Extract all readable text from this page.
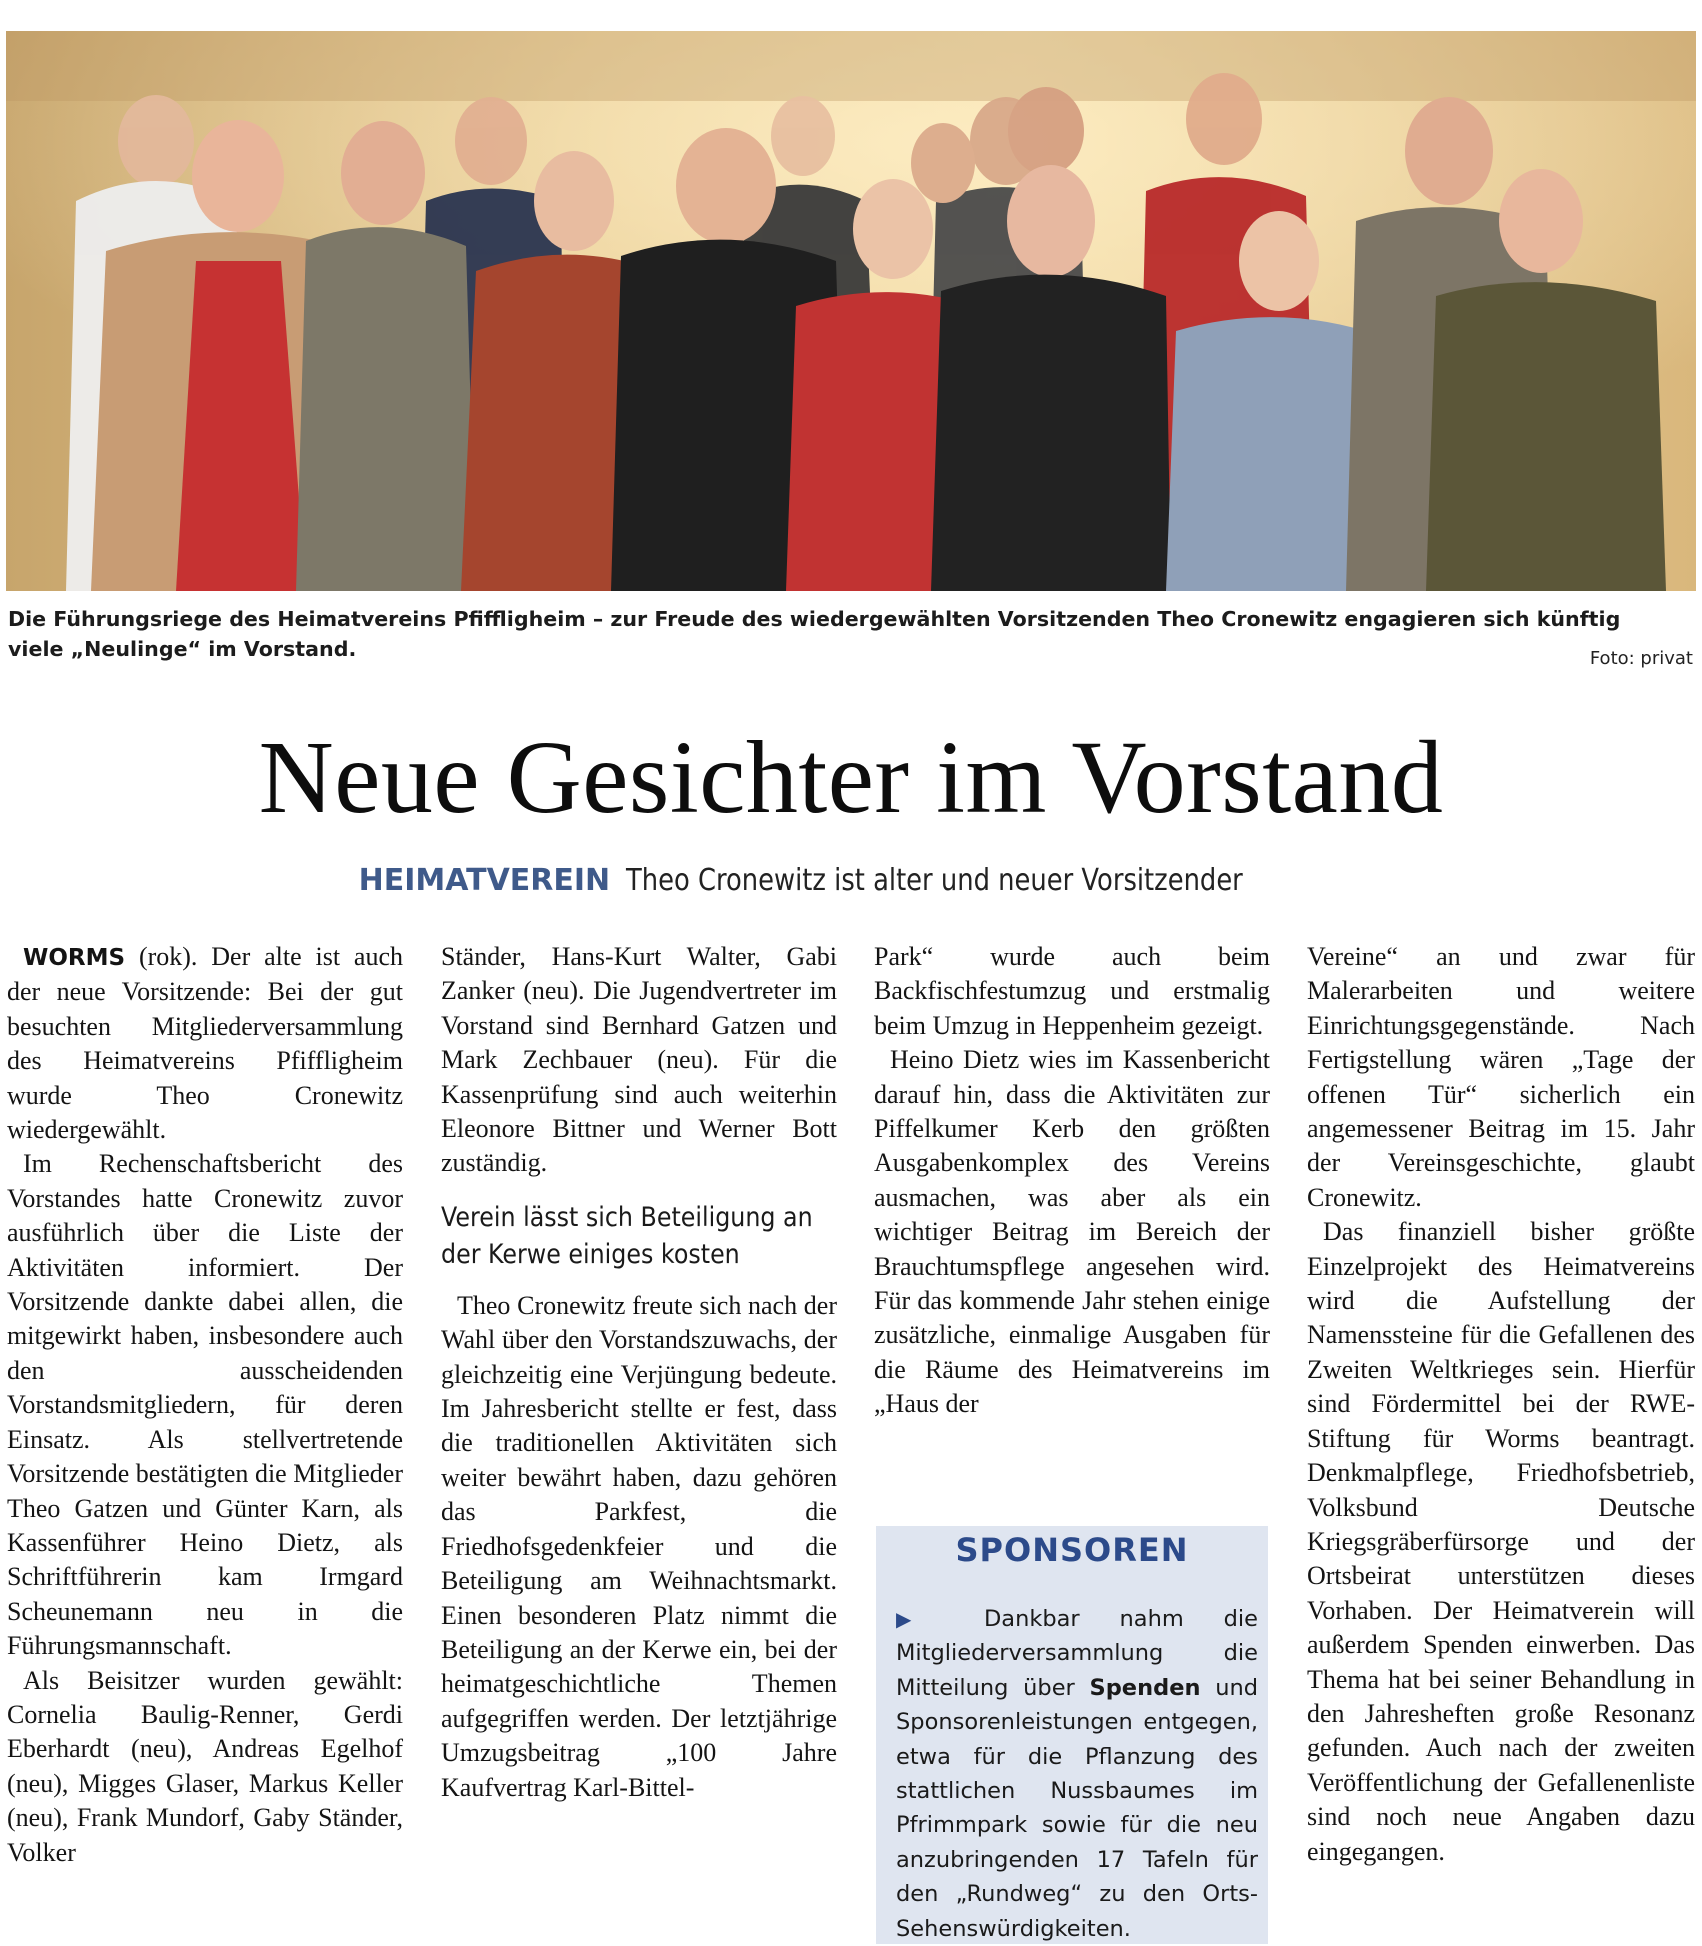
Die Führungsriege des Heimatvereins Pfiffligheim – zur Freude des wiedergewählten Vorsitzenden Theo Cronewitz engagieren sich künftig
viele „Neulinge“ im Vorstand.	Foto: privat
Neue Gesichter im Vorstand
HEIMATVEREIN Theo Cronewitz ist alter und neuer Vorsitzender

WORMS (rok). Der alte ist auch der neue Vorsitzende: Bei der gut besuchten Mitgliederversammlung des Heimatvereins Pfiffligheim wurde Theo Cronewitz wiedergewählt.

Im Rechenschaftsbericht des Vorstandes hatte Cronewitz zuvor ausführlich über die Liste der Aktivitäten informiert. Der Vorsitzende dankte dabei allen, die mitgewirkt haben, insbesondere auch den ausscheidenden Vorstandsmitgliedern, für deren Einsatz. Als stellvertretende Vorsitzende bestätigten die Mitglieder Theo Gatzen und Günter Karn, als Kassenführer Heino Dietz, als Schriftführerin kam Irmgard Scheunemann neu in die Führungsmannschaft.

Als Beisitzer wurden gewählt: Cornelia Baulig-Renner, Gerdi Eberhardt (neu), Andreas Egelhof (neu), Migges Glaser, Markus Keller (neu), Frank Mundorf, Gaby Ständer, Volker

Ständer, Hans-Kurt Walter, Gabi Zanker (neu). Die Jugendvertreter im Vorstand sind Bernhard Gatzen und Mark Zechbauer (neu). Für die Kassenprüfung sind auch weiterhin Eleonore Bittner und Werner Bott zuständig.

Verein lässt sich Beteiligung an der Kerwe einiges kosten

Theo Cronewitz freute sich nach der Wahl über den Vorstandszuwachs, der gleichzeitig eine Verjüngung bedeute. Im Jahresbericht stellte er fest, dass die traditionellen Aktivitäten sich weiter bewährt haben, dazu gehören das Parkfest, die Friedhofsgedenkfeier und die Beteiligung am Weihnachtsmarkt. Einen besonderen Platz nimmt die Beteiligung an der Kerwe ein, bei der heimatgeschichtliche Themen aufgegriffen werden. Der letztjährige Umzugsbeitrag „100 Jahre Kaufvertrag Karl-Bittel-

Park“ wurde auch beim Backfischfestumzug und erstmalig beim Umzug in Heppenheim gezeigt.

Heino Dietz wies im Kassenbericht darauf hin, dass die Aktivitäten zur Piffelkumer Kerb den größten Ausgabenkomplex des Vereins ausmachen, was aber als ein wichtiger Beitrag im Bereich der Brauchtumspflege angesehen wird. Für das kommende Jahr stehen einige zusätzliche, einmalige Ausgaben für die Räume des Heimatvereins im „Haus der

SPONSOREN
▶ Dankbar nahm die Mitgliederversammlung die Mitteilung über Spenden und Sponsorenleistungen entgegen, etwa für die Pflanzung des stattlichen Nussbaumes im Pfrimmpark sowie für die neu anzubringenden 17 Tafeln für den „Rundweg“ zu den Orts-Sehenswürdigkeiten.

Vereine“ an und zwar für Malerarbeiten und weitere Einrichtungsgegenstände. Nach Fertigstellung wären „Tage der offenen Tür“ sicherlich ein angemessener Beitrag im 15. Jahr der Vereinsgeschichte, glaubt Cronewitz.

Das finanziell bisher größte Einzelprojekt des Heimatvereins wird die Aufstellung der Namenssteine für die Gefallenen des Zweiten Weltkrieges sein. Hierfür sind Fördermittel bei der RWE-Stiftung für Worms beantragt. Denkmalpflege, Friedhofsbetrieb, Volksbund Deutsche Kriegsgräberfürsorge und der Ortsbeirat unterstützen dieses Vorhaben. Der Heimatverein will außerdem Spenden einwerben. Das Thema hat bei seiner Behandlung in den Jahresheften große Resonanz gefunden. Auch nach der zweiten Veröffentlichung der Gefallenenliste sind noch neue Angaben dazu eingegangen.
